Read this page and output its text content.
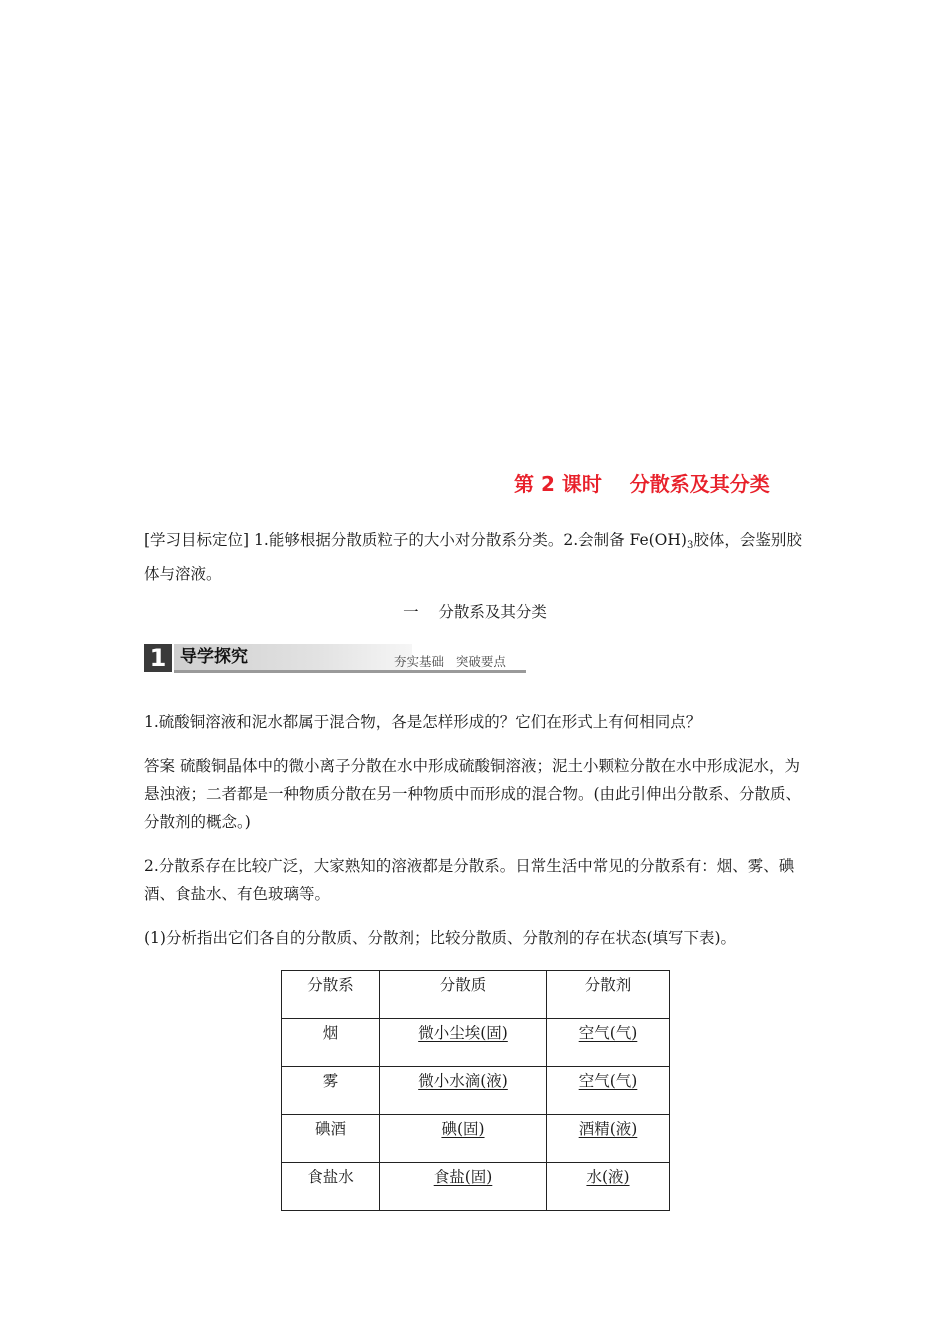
第 2 课时    分散系及其分类
[学习目标定位] 1.能够根据分散质粒子的大小对分散系分类。2.会制备 $Fe(OH)_3$胶体，会鉴别胶体与溶液。
一    分散系及其分类
1 导学探究	夯实基础   突破要点
1.硫酸铜溶液和泥水都属于混合物，各是怎样形成的？它们在形式上有何相同点？
答案 硫酸铜晶体中的微小离子分散在水中形成硫酸铜溶液；泥土小颗粒分散在水中形成泥水，为悬浊液；二者都是一种物质分散在另一种物质中而形成的混合物。(由此引伸出分散系、分散质、分散剂的概念。)
2.分散系存在比较广泛，大家熟知的溶液都是分散系。日常生活中常见的分散系有：烟、雾、碘酒、食盐水、有色玻璃等。
(1)分析指出它们各自的分散质、分散剂；比较分散质、分散剂的存在状态(填写下表)。
分散系	分散质	分散剂
烟	微小尘埃(固)	空气(气)
雾	微小水滴(液)	空气(气)
碘酒	碘(固)	酒精(液)
食盐水	食盐(固)	水(液)
